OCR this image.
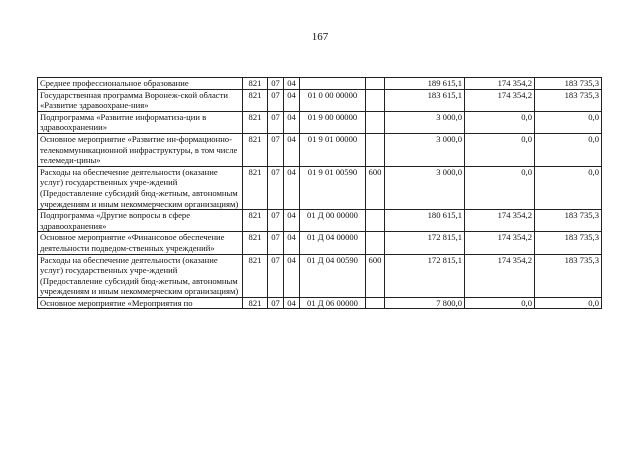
167
Среднее профессиональное образование	821	07	04			189 615,1	174 354,2	183 735,3
Государственная программа Воронеж-ской области «Развитие здравоохране-ния»	821	07	04	01 0 00 00000		183 615,1	174 354,2	183 735,3
Подпрограмма «Развитие информатиза-ции в здравоохранении»	821	07	04	01 9 00 00000		3 000,0	0,0	0,0
Основное мероприятие «Развитие ин-формационно-телекоммуникационной инфраструктуры, в том числе телемеди-цины»	821	07	04	01 9 01 00000		3 000,0	0,0	0,0
Расходы на обеспечение деятельности (оказание услуг) государственных учре-ждений (Предоставление субсидий бюд-жетным, автономным учреждениям и иным некоммерческим организациям)	821	07	04	01 9 01 00590	600	3 000,0	0,0	0,0
Подпрограмма «Другие вопросы в сфере здравоохранения»	821	07	04	01 Д 00 00000		180 615,1	174 354,2	183 735,3
Основное мероприятие «Финансовое обеспечение деятельности подведом-ственных учреждений»	821	07	04	01 Д 04 00000		172 815,1	174 354,2	183 735,3
Расходы на обеспечение деятельности (оказание услуг) государственных учре-ждений (Предоставление субсидий бюд-жетным, автономным учреждениям и иным некоммерческим организациям)	821	07	04	01 Д 04 00590	600	172 815,1	174 354,2	183 735,3
Основное мероприятие «Мероприятия по	821	07	04	01 Д 06 00000		7 800,0	0,0	0,0
